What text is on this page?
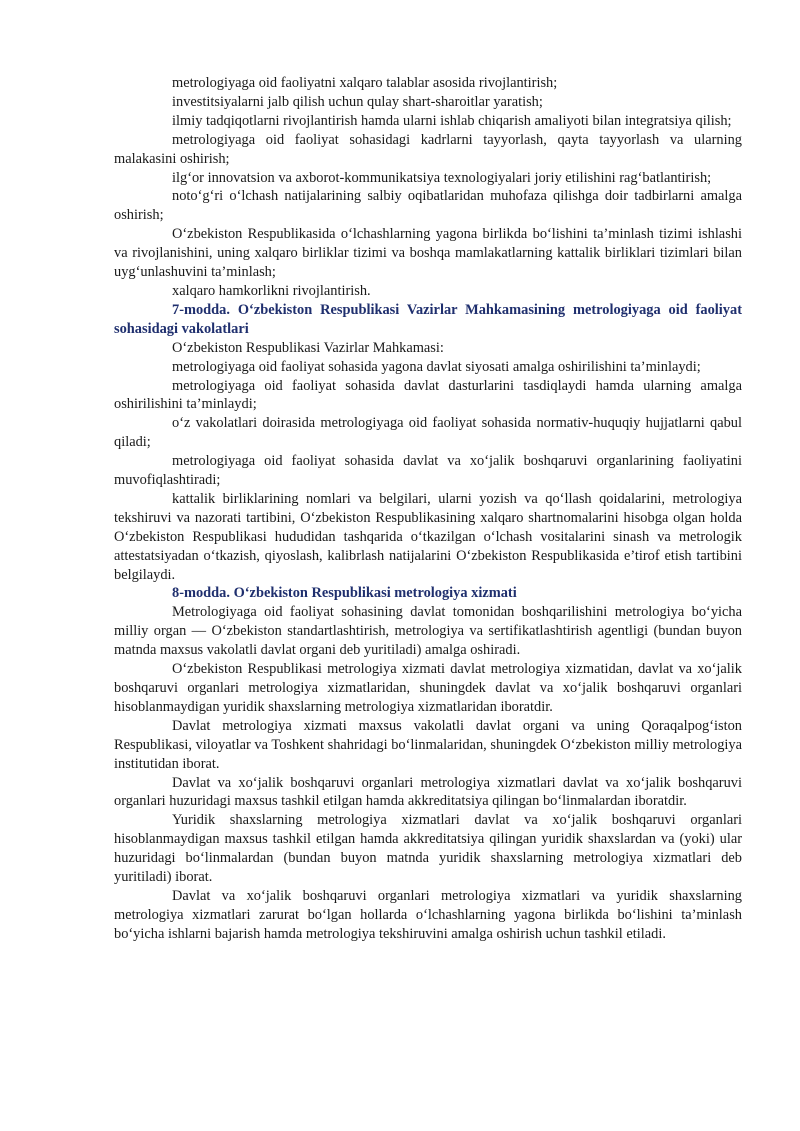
metrologiyaga oid faoliyatni xalqaro talablar asosida rivojlantirish;

investitsiyalarni jalb qilish uchun qulay shart-sharoitlar yaratish;

ilmiy tadqiqotlarni rivojlantirish hamda ularni ishlab chiqarish amaliyoti bilan integratsiya qilish;

metrologiyaga oid faoliyat sohasidagi kadrlarni tayyorlash, qayta tayyorlash va ularning malakasini oshirish;

ilg‘or innovatsion va axborot-kommunikatsiya texnologiyalari joriy etilishini rag‘batlantirish;

noto‘g‘ri o‘lchash natijalarining salbiy oqibatlaridan muhofaza qilishga doir tadbirlarni amalga oshirish;

O‘zbekiston Respublikasida o‘lchashlarning yagona birlikda bo‘lishini ta’minlash tizimi ishlashi va rivojlanishini, uning xalqaro birliklar tizimi va boshqa mamlakatlarning kattalik birliklari tizimlari bilan uyg‘unlashuvini ta’minlash;

xalqaro hamkorlikni rivojlantirish.

7-modda. O‘zbekiston Respublikasi Vazirlar Mahkamasining metrologiyaga oid faoliyat sohasidagi vakolatlari

O‘zbekiston Respublikasi Vazirlar Mahkamasi:

metrologiyaga oid faoliyat sohasida yagona davlat siyosati amalga oshirilishini ta’minlaydi;

metrologiyaga oid faoliyat sohasida davlat dasturlarini tasdiqlaydi hamda ularning amalga oshirilishini ta’minlaydi;

o‘z vakolatlari doirasida metrologiyaga oid faoliyat sohasida normativ-huquqiy hujjatlarni qabul qiladi;

metrologiyaga oid faoliyat sohasida davlat va xo‘jalik boshqaruvi organlarining faoliyatini muvofiqlashtiradi;

kattalik birliklarining nomlari va belgilari, ularni yozish va qo‘llash qoidalarini, metrologiya tekshiruvi va nazorati tartibini, O‘zbekiston Respublikasining xalqaro shartnomalarini hisobga olgan holda O‘zbekiston Respublikasi hududidan tashqarida o‘tkazilgan o‘lchash vositalarini sinash va metrologik attestatsiyadan o‘tkazish, qiyoslash, kalibrlash natijalarini O‘zbekiston Respublikasida e’tirof etish tartibini belgilaydi.

8-modda. O‘zbekiston Respublikasi metrologiya xizmati

Metrologiyaga oid faoliyat sohasining davlat tomonidan boshqarilishini metrologiya bo‘yicha milliy organ — O‘zbekiston standartlashtirish, metrologiya va sertifikatlashtirish agentligi (bundan buyon matnda maxsus vakolatli davlat organi deb yuritiladi) amalga oshiradi.

O‘zbekiston Respublikasi metrologiya xizmati davlat metrologiya xizmatidan, davlat va xo‘jalik boshqaruvi organlari metrologiya xizmatlaridan, shuningdek davlat va xo‘jalik boshqaruvi organlari hisoblanmaydigan yuridik shaxslarning metrologiya xizmatlaridan iboratdir.

Davlat metrologiya xizmati maxsus vakolatli davlat organi va uning Qoraqalpog‘iston Respublikasi, viloyatlar va Toshkent shahridagi bo‘linmalaridan, shuningdek O‘zbekiston milliy metrologiya institutidan iborat.

Davlat va xo‘jalik boshqaruvi organlari metrologiya xizmatlari davlat va xo‘jalik boshqaruvi organlari huzuridagi maxsus tashkil etilgan hamda akkreditatsiya qilingan bo‘linmalardan iboratdir.

Yuridik shaxslarning metrologiya xizmatlari davlat va xo‘jalik boshqaruvi organlari hisoblanmaydigan maxsus tashkil etilgan hamda akkreditatsiya qilingan yuridik shaxslardan va (yoki) ular huzuridagi bo‘linmalardan (bundan buyon matnda yuridik shaxslarning metrologiya xizmatlari deb yuritiladi) iborat.

Davlat va xo‘jalik boshqaruvi organlari metrologiya xizmatlari va yuridik shaxslarning metrologiya xizmatlari zarurat bo‘lgan hollarda o‘lchashlarning yagona birlikda bo‘lishini ta’minlash bo‘yicha ishlarni bajarish hamda metrologiya tekshiruvini amalga oshirish uchun tashkil etiladi.
